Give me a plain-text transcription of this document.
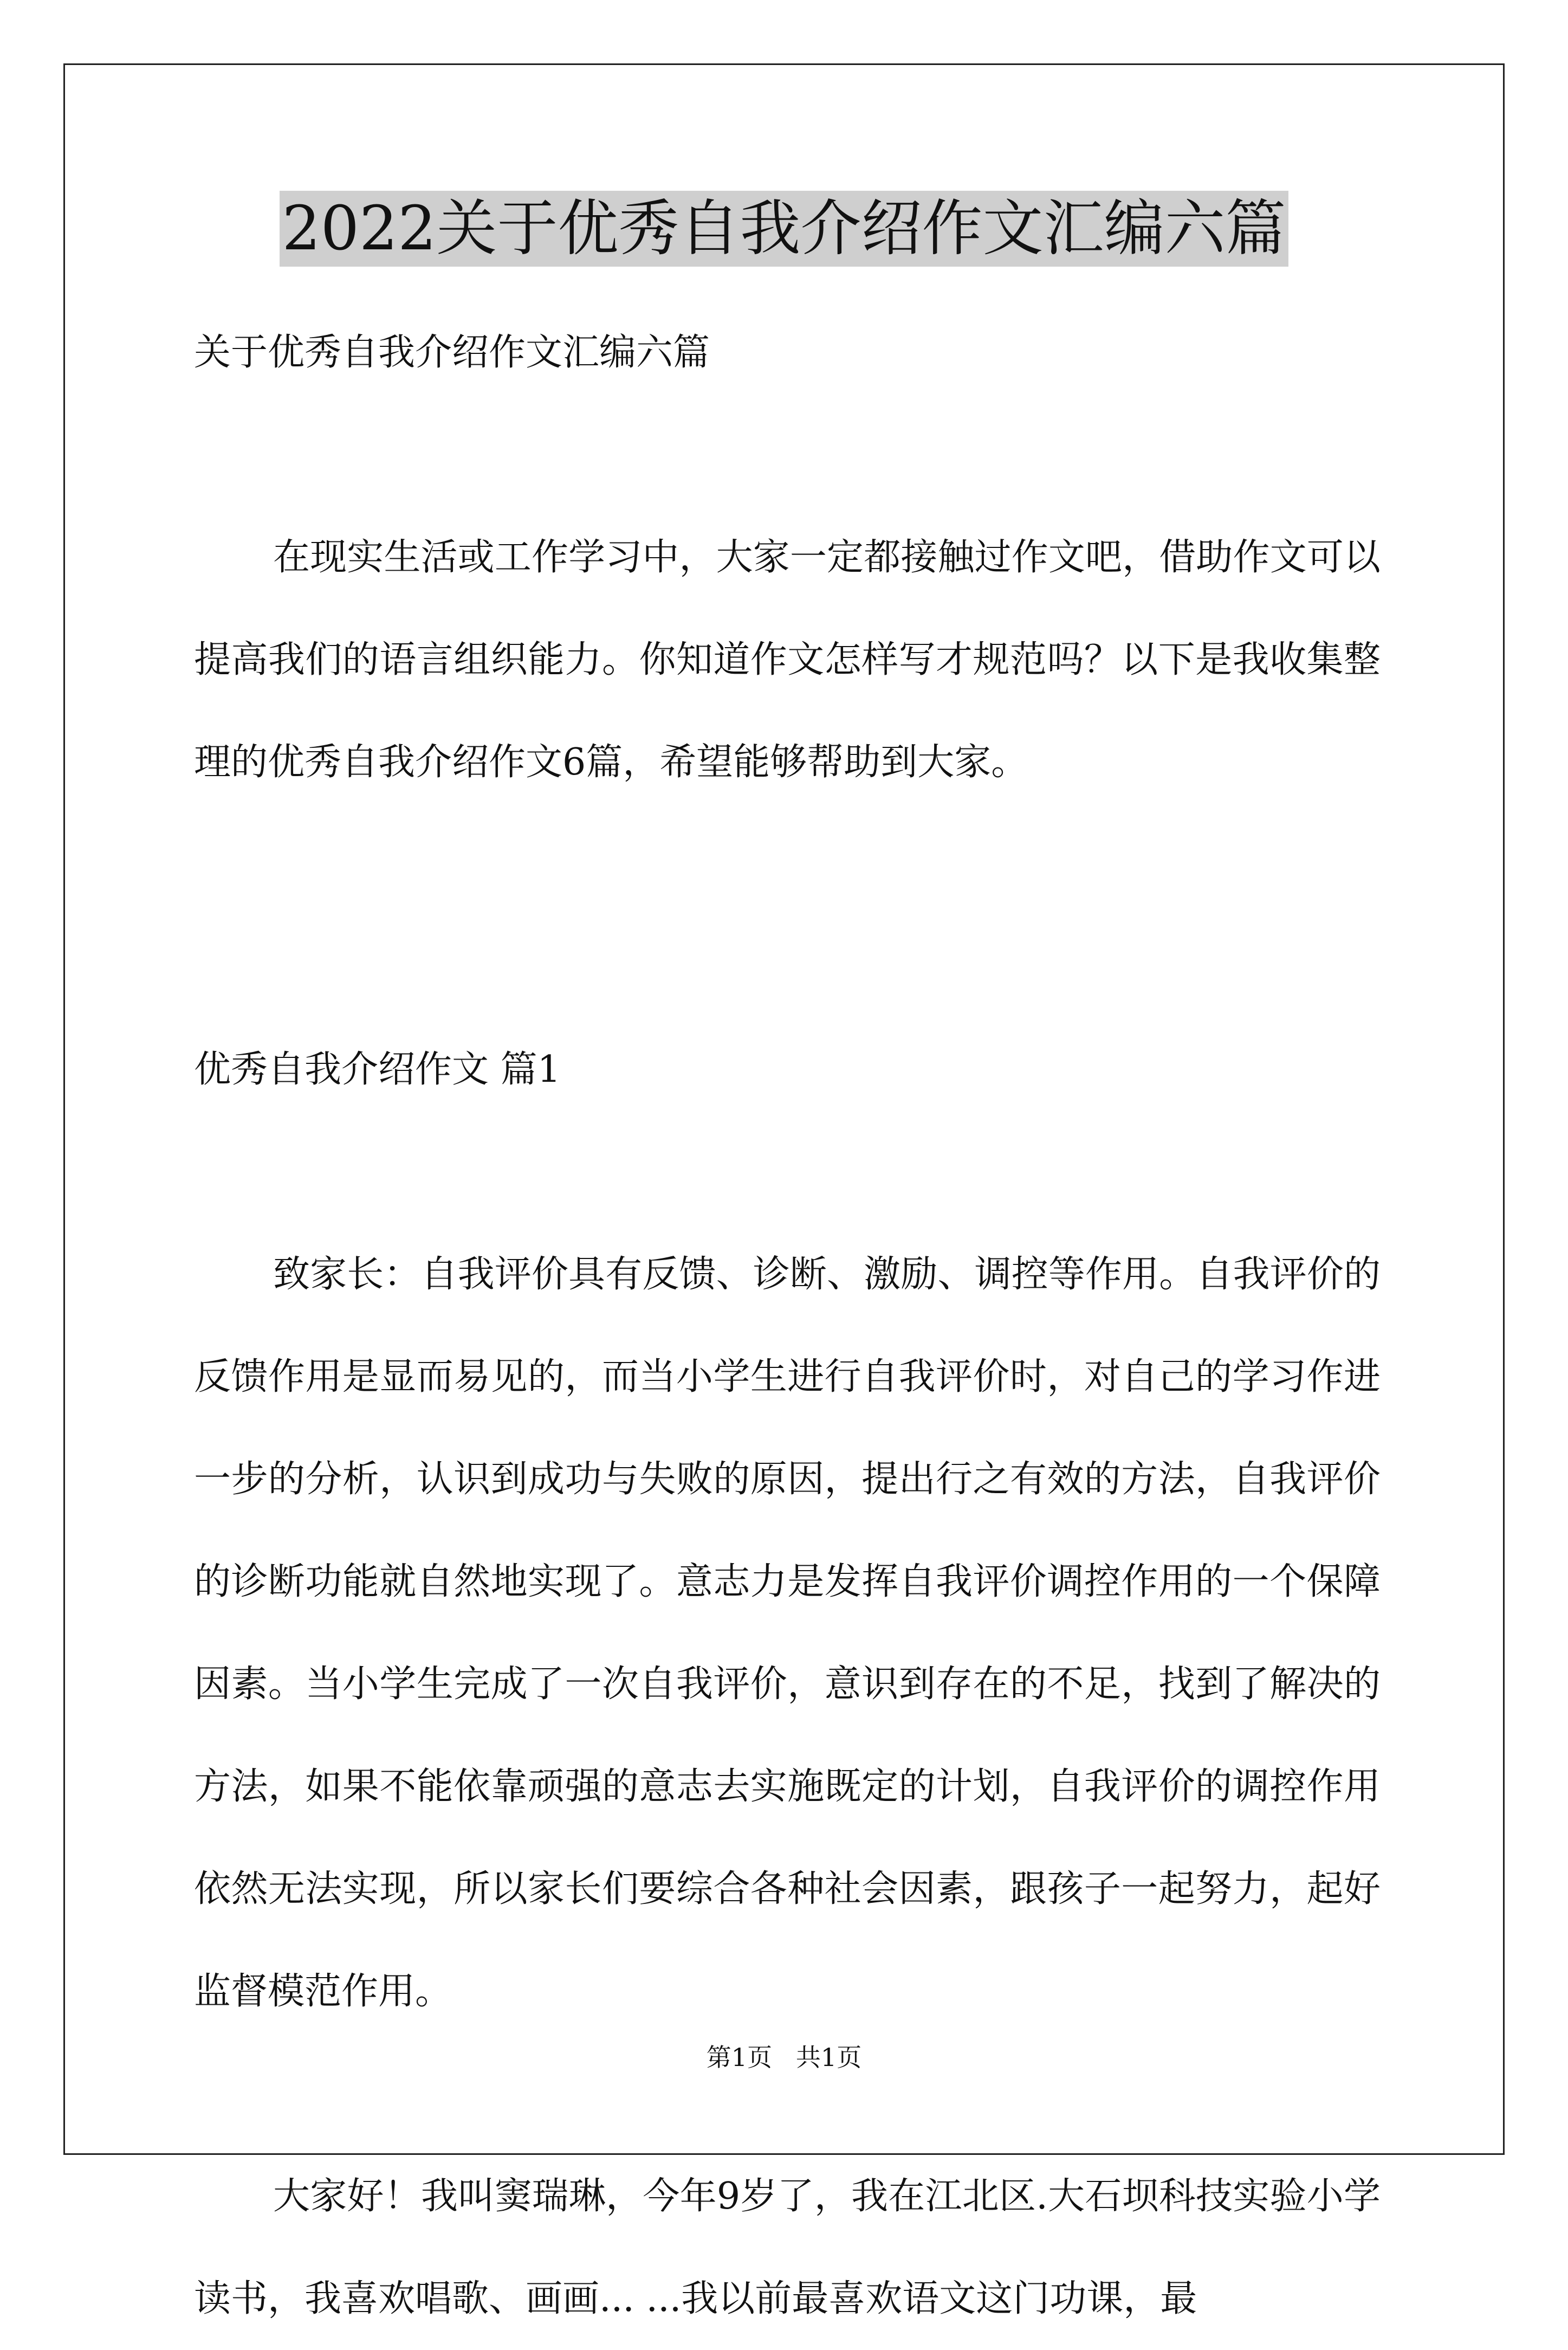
2022关于优秀自我介绍作文汇编六篇

关于优秀自我介绍作文汇编六篇

在现实生活或工作学习中，大家一定都接触过作文吧，借助作文可以提高我们的语言组织能力。你知道作文怎样写才规范吗？以下是我收集整理的优秀自我介绍作文6篇，希望能够帮助到大家。

优秀自我介绍作文 篇1

致家长：自我评价具有反馈、诊断、激励、调控等作用。自我评价的反馈作用是显而易见的，而当小学生进行自我评价时，对自己的学习作进一步的分析，认识到成功与失败的原因，提出行之有效的方法，自我评价的诊断功能就自然地实现了。意志力是发挥自我评价调控作用的一个保障因素。当小学生完成了一次自我评价，意识到存在的不足，找到了解决的方法，如果不能依靠顽强的意志去实施既定的计划，自我评价的调控作用依然无法实现，所以家长们要综合各种社会因素，跟孩子一起努力，起好监督模范作用。

大家好！我叫窦瑞琳，今年9岁了，我在江北区.大石坝科技实验小学读书，我喜欢唱歌、画画... ...我以前最喜欢语文这门功课，最

第1页   共1页
